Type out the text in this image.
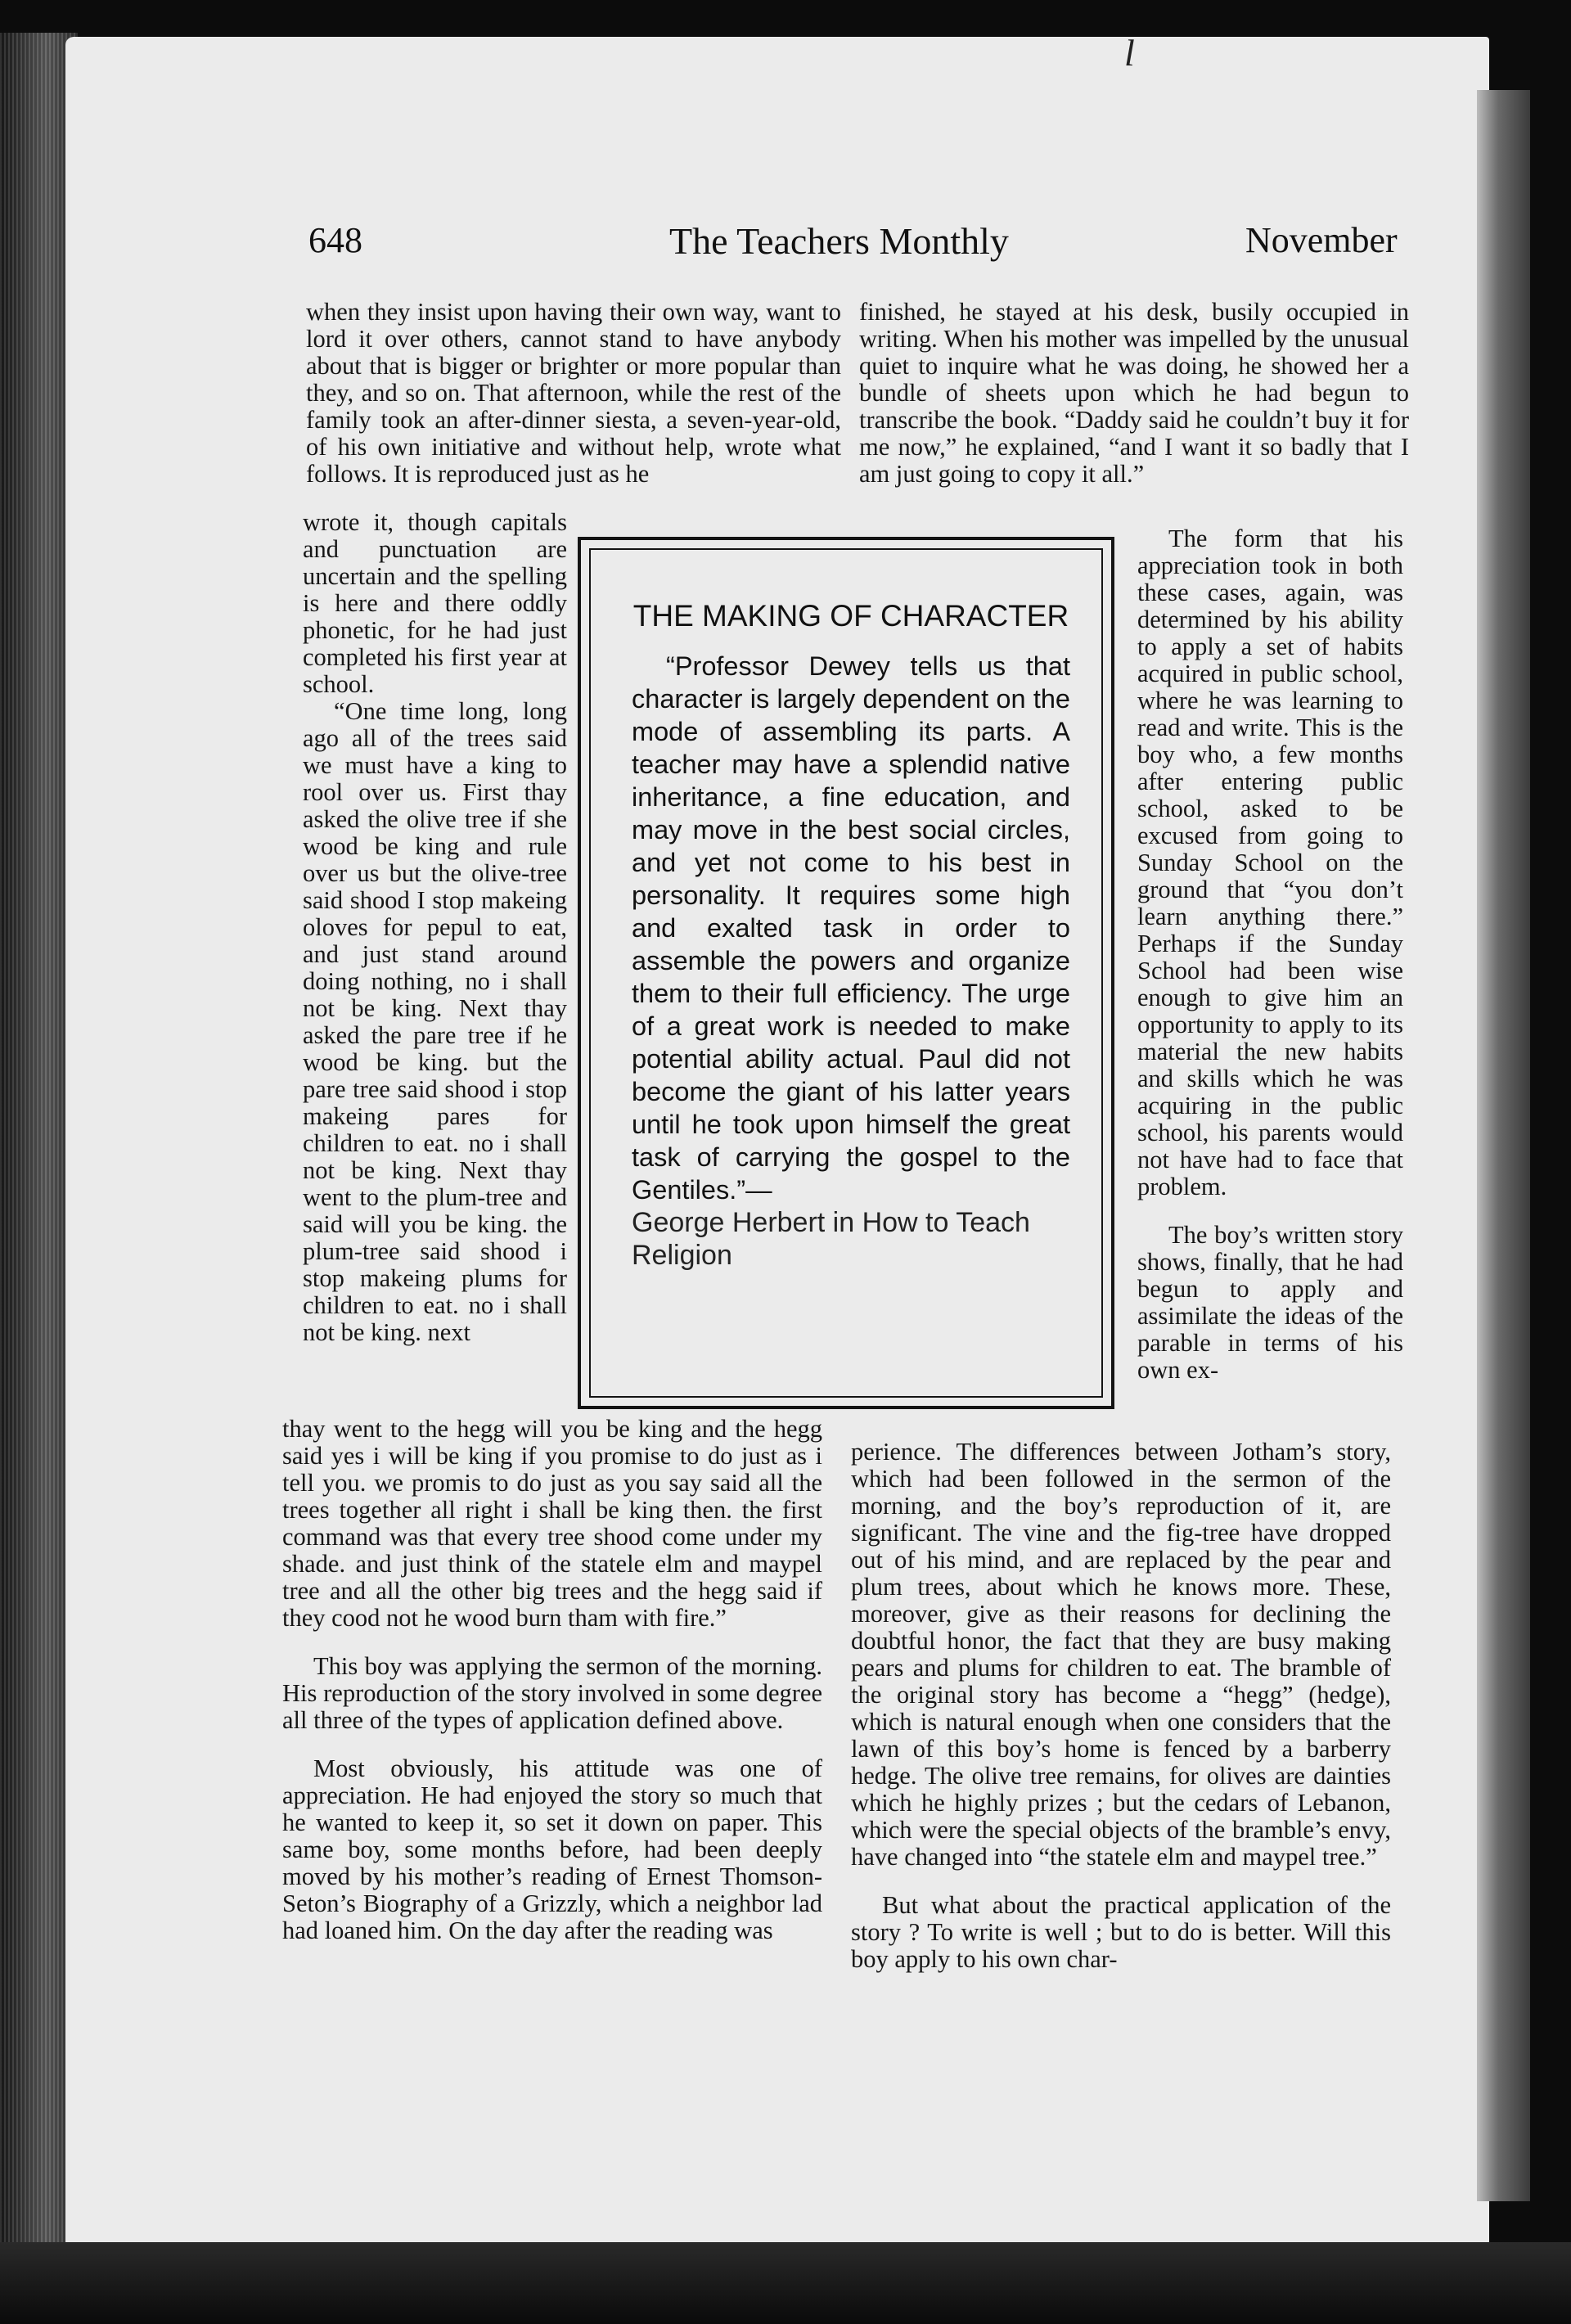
l
648	The Teachers Monthly	November

when they insist upon having their own way, want to lord it over others, cannot stand to have anybody about that is bigger or brighter or more popular than they, and so on. That afternoon, while the rest of the family took an after-dinner siesta, a seven-year-old, of his own initiative and without help, wrote what follows. It is reproduced just as he

wrote it, though capitals and punctuation are uncertain and the spelling is here and there oddly phonetic, for he had just completed his first year at school.

“One time long, long ago all of the trees said we must have a king to rool over us. First thay asked the olive tree if she wood be king and rule over us but the olive-tree said shood I stop makeing oloves for pepul to eat, and just stand around doing nothing, no i shall not be king. Next thay asked the pare tree if he wood be king. but the pare tree said shood i stop makeing pares for children to eat. no i shall not be king. Next thay went to the plum-tree and said will you be king. the plum-tree said shood i stop makeing plums for children to eat. no i shall not be king. next

thay went to the hegg will you be king and the hegg said yes i will be king if you promise to do just as i tell you. we promis to do just as you say said all the trees together all right i shall be king then. the first command was that every tree shood come under my shade. and just think of the statele elm and maypel tree and all the other big trees and the hegg said if they cood not he wood burn tham with fire.”

This boy was applying the sermon of the morning. His reproduction of the story involved in some degree all three of the types of application defined above.

Most obviously, his attitude was one of appreciation. He had enjoyed the story so much that he wanted to keep it, so set it down on paper. This same boy, some months before, had been deeply moved by his mother’s reading of Ernest Thomson-Seton’s Biography of a Grizzly, which a neighbor lad had loaned him. On the day after the reading was

finished, he stayed at his desk, busily occupied in writing. When his mother was impelled by the unusual quiet to inquire what he was doing, he showed her a bundle of sheets upon which he had begun to transcribe the book. “Daddy said he couldn’t buy it for me now,” he explained, “and I want it so badly that I am just going to copy it all.”

The form that his appreciation took in both these cases, again, was determined by his ability to apply a set of habits acquired in public school, where he was learning to read and write. This is the boy who, a few months after entering public school, asked to be excused from going to Sunday School on the ground that “you don’t learn anything there.” Perhaps if the Sunday School had been wise enough to give him an opportunity to apply to its material the new habits and skills which he was acquiring in the public school, his parents would not have had to face that problem.

The boy’s written story shows, finally, that he had begun to apply and assimilate the ideas of the parable in terms of his own ex-

perience. The differences between Jotham’s story, which had been followed in the sermon of the morning, and the boy’s reproduction of it, are significant. The vine and the fig-tree have dropped out of his mind, and are replaced by the pear and plum trees, about which he knows more. These, moreover, give as their reasons for declining the doubtful honor, the fact that they are busy making pears and plums for children to eat. The bramble of the original story has become a “hegg” (hedge), which is natural enough when one considers that the lawn of this boy’s home is fenced by a barberry hedge. The olive tree remains, for olives are dainties which he highly prizes ; but the cedars of Lebanon, which were the special objects of the bramble’s envy, have changed into “the statele elm and maypel tree.”

But what about the practical application of the story ? To write is well ; but to do is better. Will this boy apply to his own char-

THE MAKING OF CHARACTER

“Professor Dewey tells us that character is largely dependent on the mode of assembling its parts. A teacher may have a splendid native inheritance, a fine education, and may move in the best social circles, and yet not come to his best in personality. It requires some high and exalted task in order to assemble the powers and organize them to their full efficiency. The urge of a great work is needed to make potential ability actual. Paul did not become the giant of his latter years until he took upon himself the great task of carrying the gospel to the Gentiles.”—

George Herbert in How to Teach Religion
